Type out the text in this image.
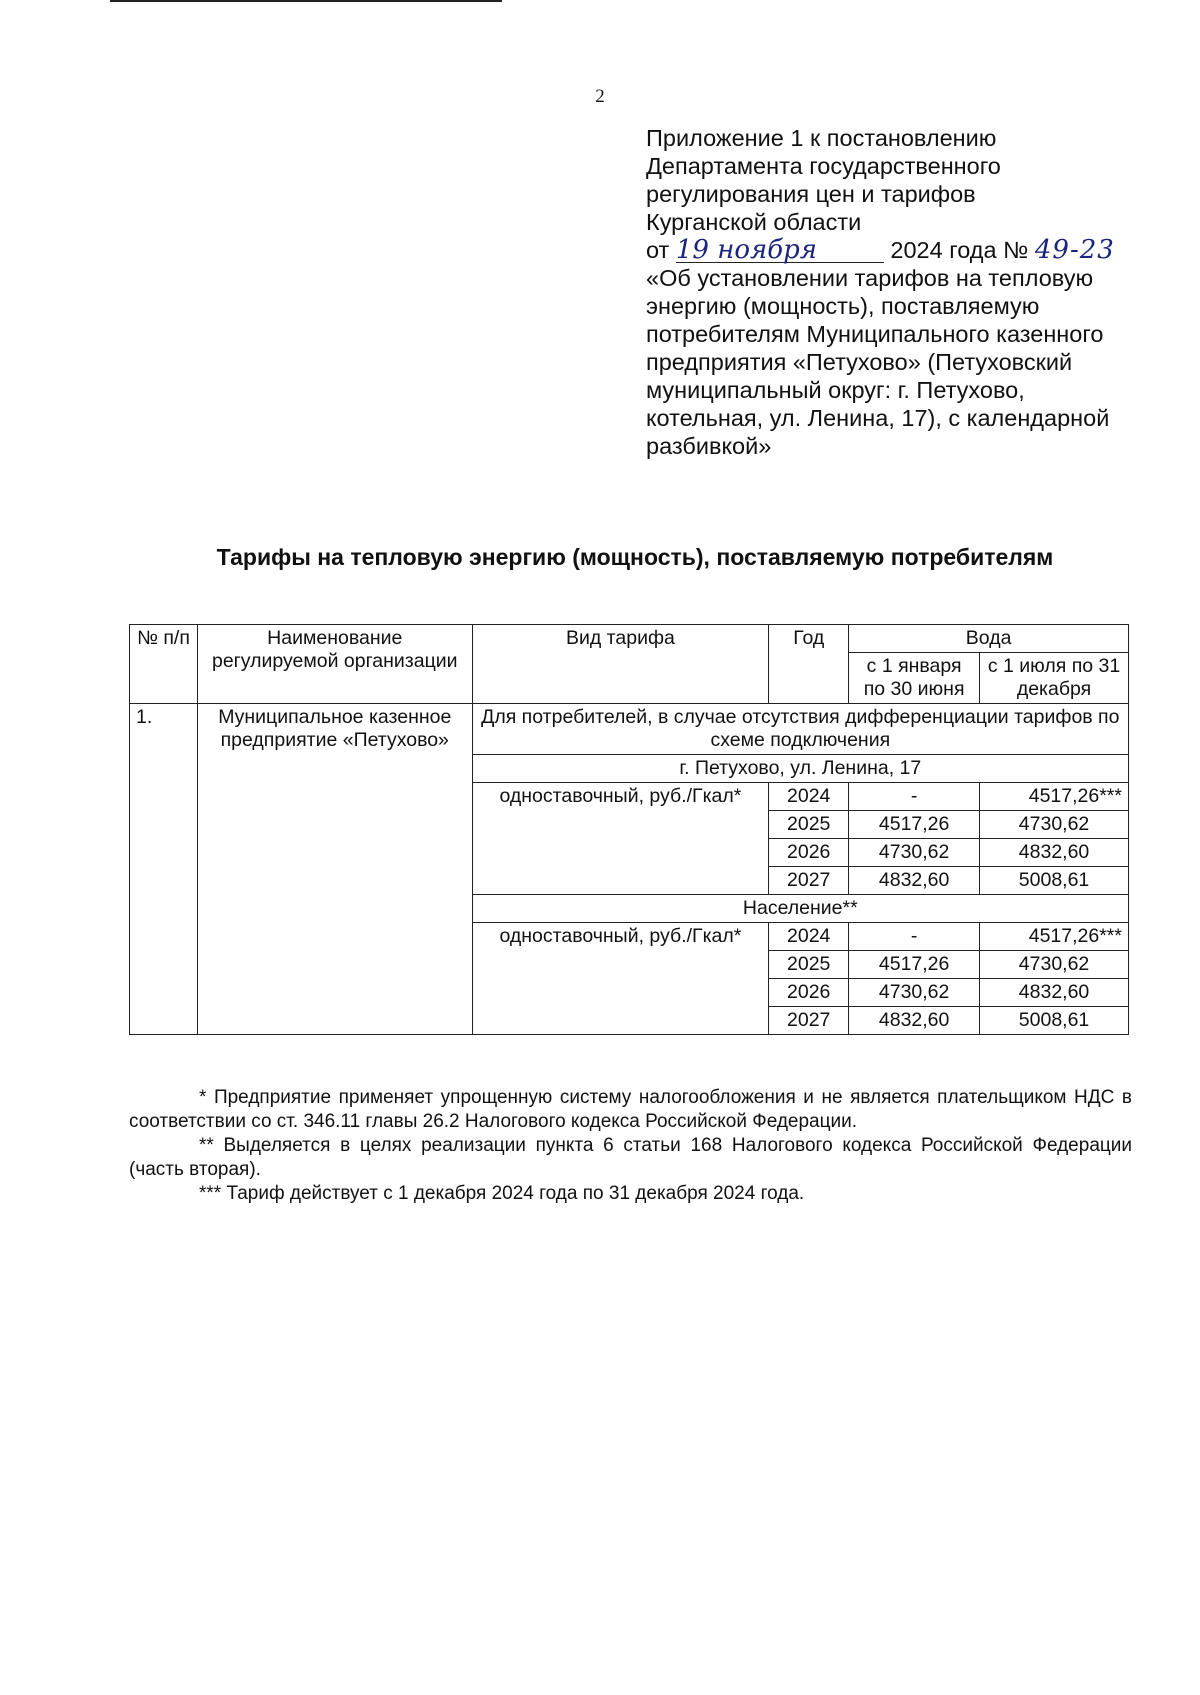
2
Приложение 1 к постановлению
Департамента государственного
регулирования цен и тарифов
Курганской области
от 19 ноября	2024 года № 49-23
«Об установлении тарифов на тепловую
энергию (мощность), поставляемую
потребителям Муниципального казенного
предприятия «Петухово» (Петуховский
муниципальный округ: г. Петухово,
котельная, ул. Ленина, 17), с календарной
разбивкой»
Тарифы на тепловую энергию (мощность), поставляемую потребителям
№ п/п	Наименование регулируемой организации	Вид тарифа	Год	Вода	
				с 1 января по 30 июня	с 1 июля по 31 декабря
1.	Муниципальное казенное предприятие «Петухово»	Для потребителей, в случае отсутствия дифференциации тарифов по схеме подключения			
		г. Петухово, ул. Ленина, 17			
		одноставочный, руб./Гкал*	2024	-	4517,26***
			2025	4517,26	4730,62
			2026	4730,62	4832,60
			2027	4832,60	5008,61
		Население**			
		одноставочный, руб./Гкал*	2024	-	4517,26***
			2025	4517,26	4730,62
			2026	4730,62	4832,60
			2027	4832,60	5008,61

* Предприятие применяет упрощенную систему налогообложения и не является плательщиком НДС в соответствии со ст. 346.11 главы 26.2 Налогового кодекса Российской Федерации.

** Выделяется в целях реализации пункта 6 статьи 168 Налогового кодекса Российской Федерации (часть вторая).

*** Тариф действует с 1 декабря 2024 года по 31 декабря 2024 года.
